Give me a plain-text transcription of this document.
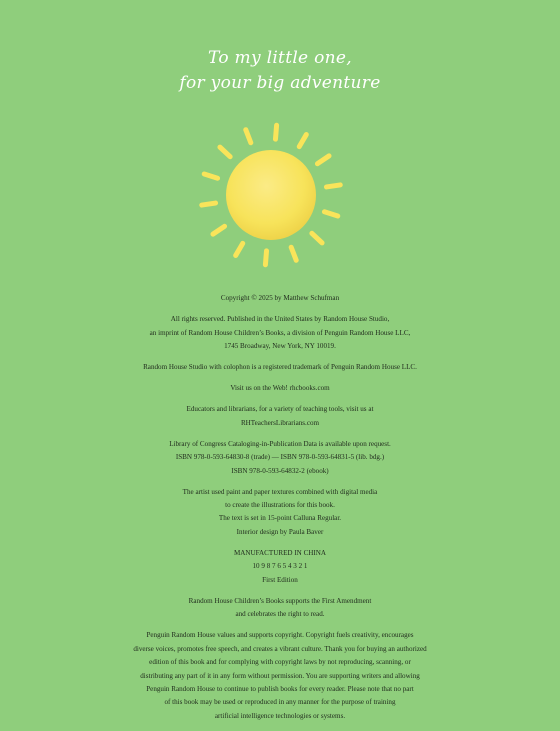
To my little one,
for your big adventure

Copyright © 2025 by Matthew Schufman

All rights reserved. Published in the United States by Random House Studio,
an imprint of Random House Children’s Books, a division of Penguin Random House LLC,
1745 Broadway, New York, NY 10019.

Random House Studio with colophon is a registered trademark of Penguin Random House LLC.

Visit us on the Web! rhcbooks.com

Educators and librarians, for a variety of teaching tools, visit us at
RHTeachersLibrarians.com

Library of Congress Cataloging-in-Publication Data is available upon request.
ISBN 978-0-593-64830-8 (trade) — ISBN 978-0-593-64831-5 (lib. bdg.)
ISBN 978-0-593-64832-2 (ebook)

The artist used paint and paper textures combined with digital media
to create the illustrations for this book.
The text is set in 15-point Calluna Regular.
Interior design by Paula Baver

MANUFACTURED IN CHINA
10 9 8 7 6 5 4 3 2 1
First Edition

Random House Children’s Books supports the First Amendment
and celebrates the right to read.

Penguin Random House values and supports copyright. Copyright fuels creativity, encourages
diverse voices, promotes free speech, and creates a vibrant culture. Thank you for buying an authorized
edition of this book and for complying with copyright laws by not reproducing, scanning, or
distributing any part of it in any form without permission. You are supporting writers and allowing
Penguin Random House to continue to publish books for every reader. Please note that no part
of this book may be used or reproduced in any manner for the purpose of training
artificial intelligence technologies or systems.
